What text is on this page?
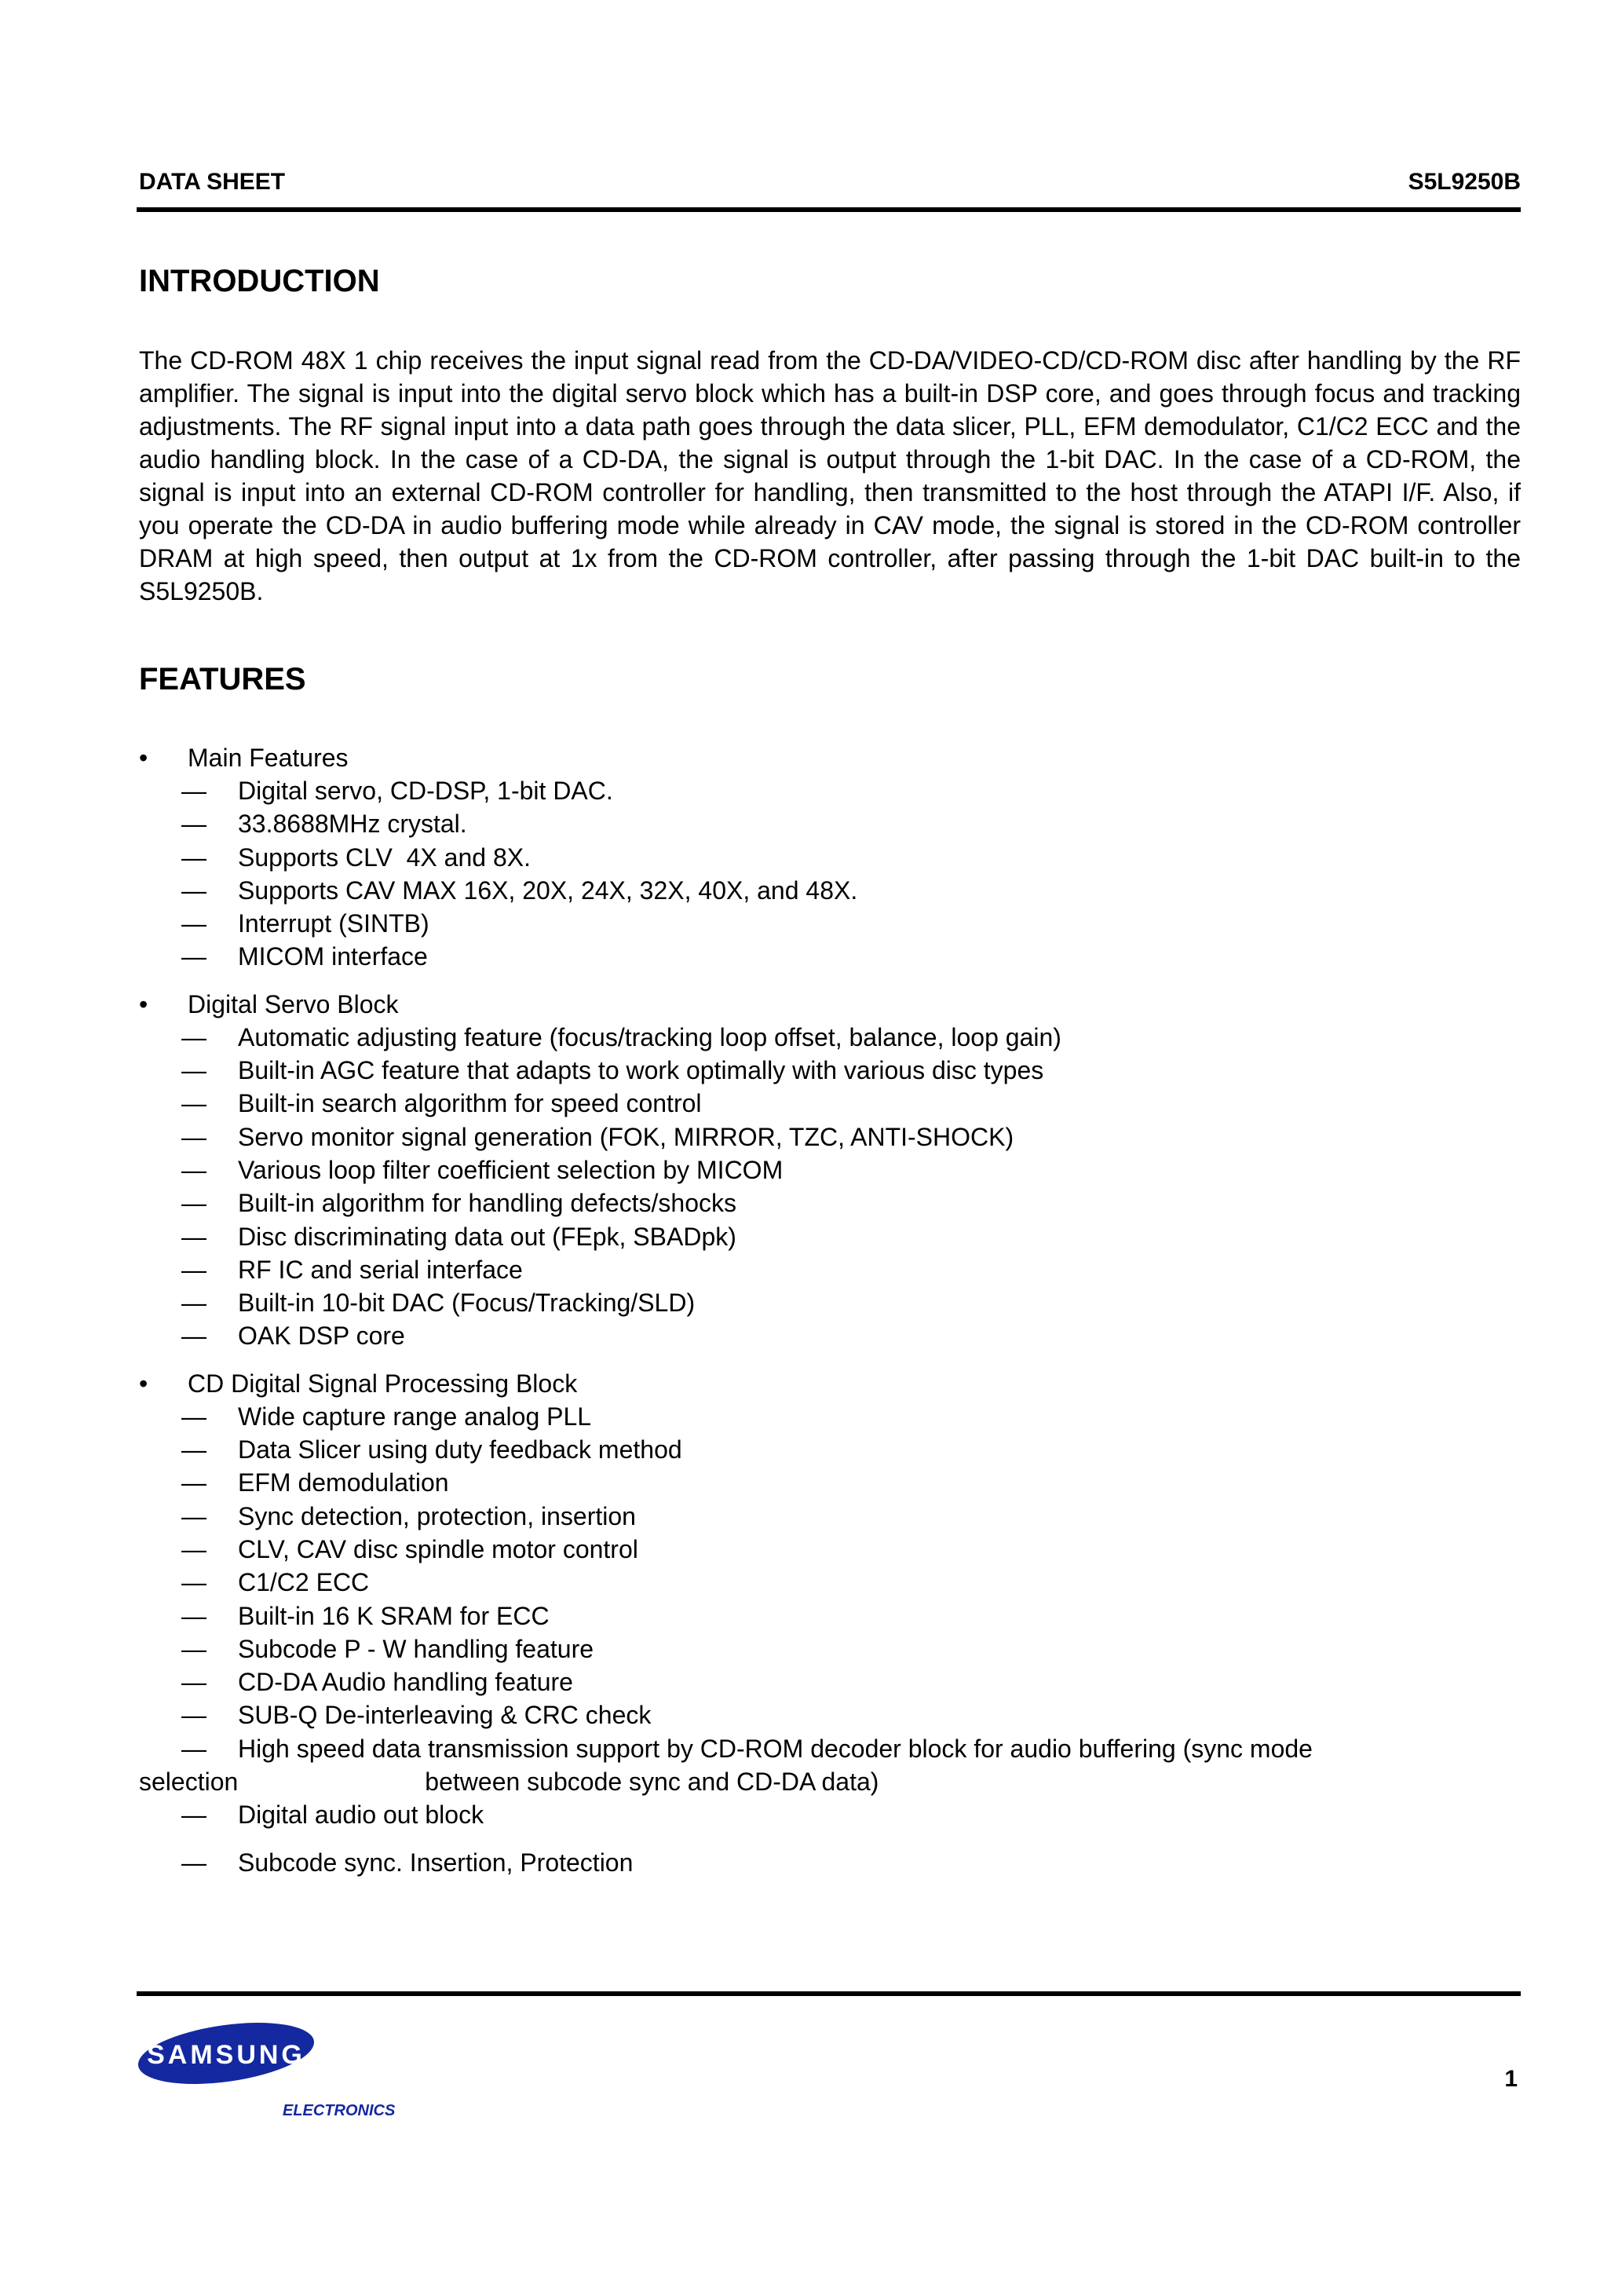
DATA SHEET	S5L9250B
INTRODUCTION

The CD-ROM 48X 1 chip receives the input signal read from the CD-DA/VIDEO-CD/CD-ROM disc after handling by the RF amplifier. The signal is input into the digital servo block which has a built-in DSP core, and goes through focus and tracking adjustments. The RF signal input into a data path goes through the data slicer, PLL, EFM demodulator, C1/C2 ECC and the audio handling block. In the case of a CD-DA, the signal is output through the 1-bit DAC. In the case of a CD-ROM, the signal is input into an external CD-ROM controller for handling, then transmitted to the host through the ATAPI I/F. Also, if you operate the CD-DA in audio buffering mode while already in CAV mode, the signal is stored in the CD-ROM controller DRAM at high speed, then output at 1x from the CD-ROM controller, after passing through the 1-bit DAC built-in to the S5L9250B.

FEATURES
• Main Features
—	Digital servo, CD-DSP, 1-bit DAC.
—	33.8688MHz crystal.
—	Supports CLV  4X and 8X.
—	Supports CAV MAX 16X, 20X, 24X, 32X, 40X, and 48X.
—	Interrupt (SINTB)
—	MICOM interface
• Digital Servo Block
—	Automatic adjusting feature (focus/tracking loop offset, balance, loop gain)
—	Built-in AGC feature that adapts to work optimally with various disc types
—	Built-in search algorithm for speed control
—	Servo monitor signal generation (FOK, MIRROR, TZC, ANTI-SHOCK)
—	Various loop filter coefficient selection by MICOM
—	Built-in algorithm for handling defects/shocks
—	Disc discriminating data out (FEpk, SBADpk)
—	RF IC and serial interface
—	Built-in 10-bit DAC (Focus/Tracking/SLD)
—	OAK DSP core
• CD Digital Signal Processing Block
—	Wide capture range analog PLL
—	Data Slicer using duty feedback method
—	EFM demodulation
—	Sync detection, protection, insertion
—	CLV, CAV disc spindle motor control
—	C1/C2 ECC
—	Built-in 16 K SRAM for ECC
—	Subcode P - W handling feature
—	CD-DA Audio handling feature
—	SUB-Q De-interleaving & CRC check
—	High speed data transmission support by CD-ROM decoder block for audio buffering (sync mode
selection	between subcode sync and CD-DA data)
—	Digital audio out block
—	Subcode sync. Insertion, Protection
SAMSUNG
ELECTRONICS
1
